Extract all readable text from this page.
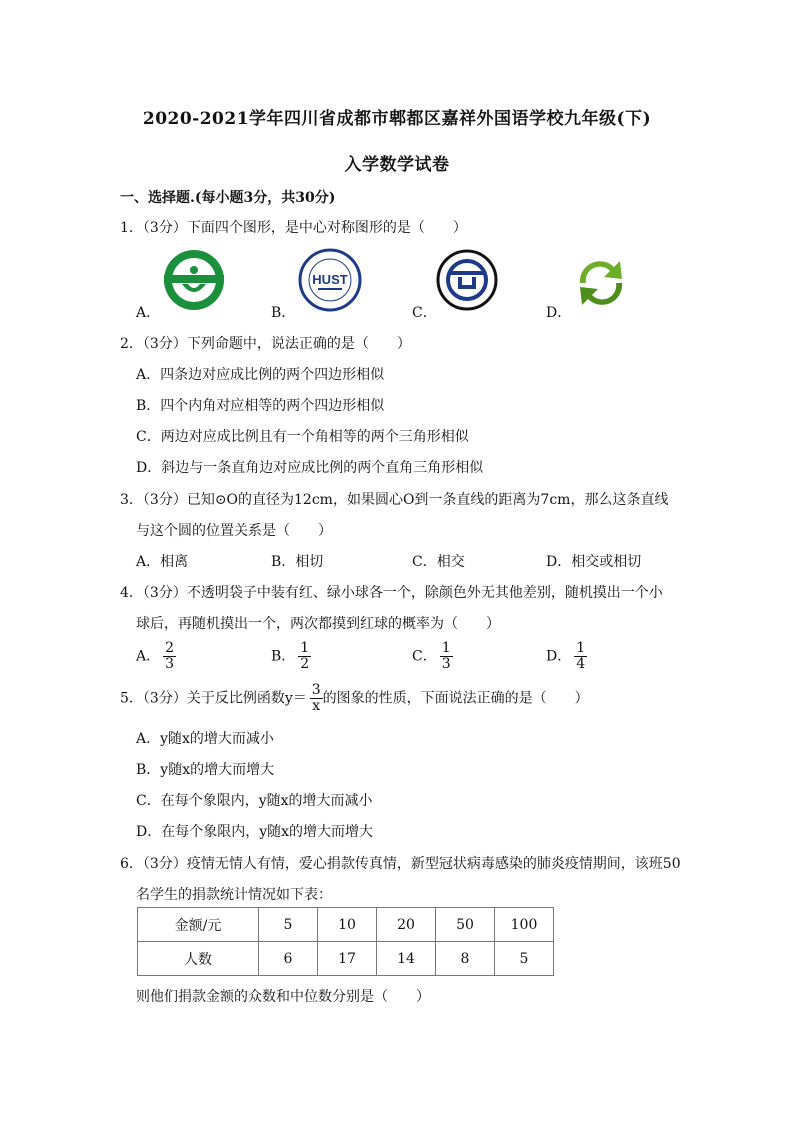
2020-2021学年四川省成都市郫都区嘉祥外国语学校九年级(下)
入学数学试卷
一、选择题.(每小题3分，共30分)
1．（3分）下面四个图形，是中心对称图形的是（　　）
HUST
A．	B．	C．	D．
2．（3分）下列命题中，说法正确的是（　　）
A．四条边对应成比例的两个四边形相似
B．四个内角对应相等的两个四边形相似
C．两边对应成比例且有一个角相等的两个三角形相似
D．斜边与一条直角边对应成比例的两个直角三角形相似
3．（3分）已知⊙O的直径为12cm，如果圆心O到一条直线的距离为7cm，那么这条直线
与这个圆的位置关系是（　　）
A．相离	B．相切	C．相交	D．相交或相切
4．（3分）不透明袋子中装有红、绿小球各一个，除颜色外无其他差别，随机摸出一个小
球后，再随机摸出一个，两次都摸到红球的概率为（　　）
A． $\frac{2}{3}$	B． $\frac{1}{2}$	C． $\frac{1}{3}$	D． $\frac{1}{4}$
5．（3分）关于反比例函数$y= \frac{3}{x}$ 的图象的性质，下面说法正确的是（　　）
A．y随x的增大而减小
B．y随x的增大而增大
C．在每个象限内，y随x的增大而减小
D．在每个象限内，y随x的增大而增大
6．（3分）疫情无情人有情，爱心捐款传真情，新型冠状病毒感染的肺炎疫情期间，该班50
名学生的捐款统计情况如下表：
金额/元	5	10	20	50	100
人数	6	17	14	8	5
则他们捐款金额的众数和中位数分别是（　　）
